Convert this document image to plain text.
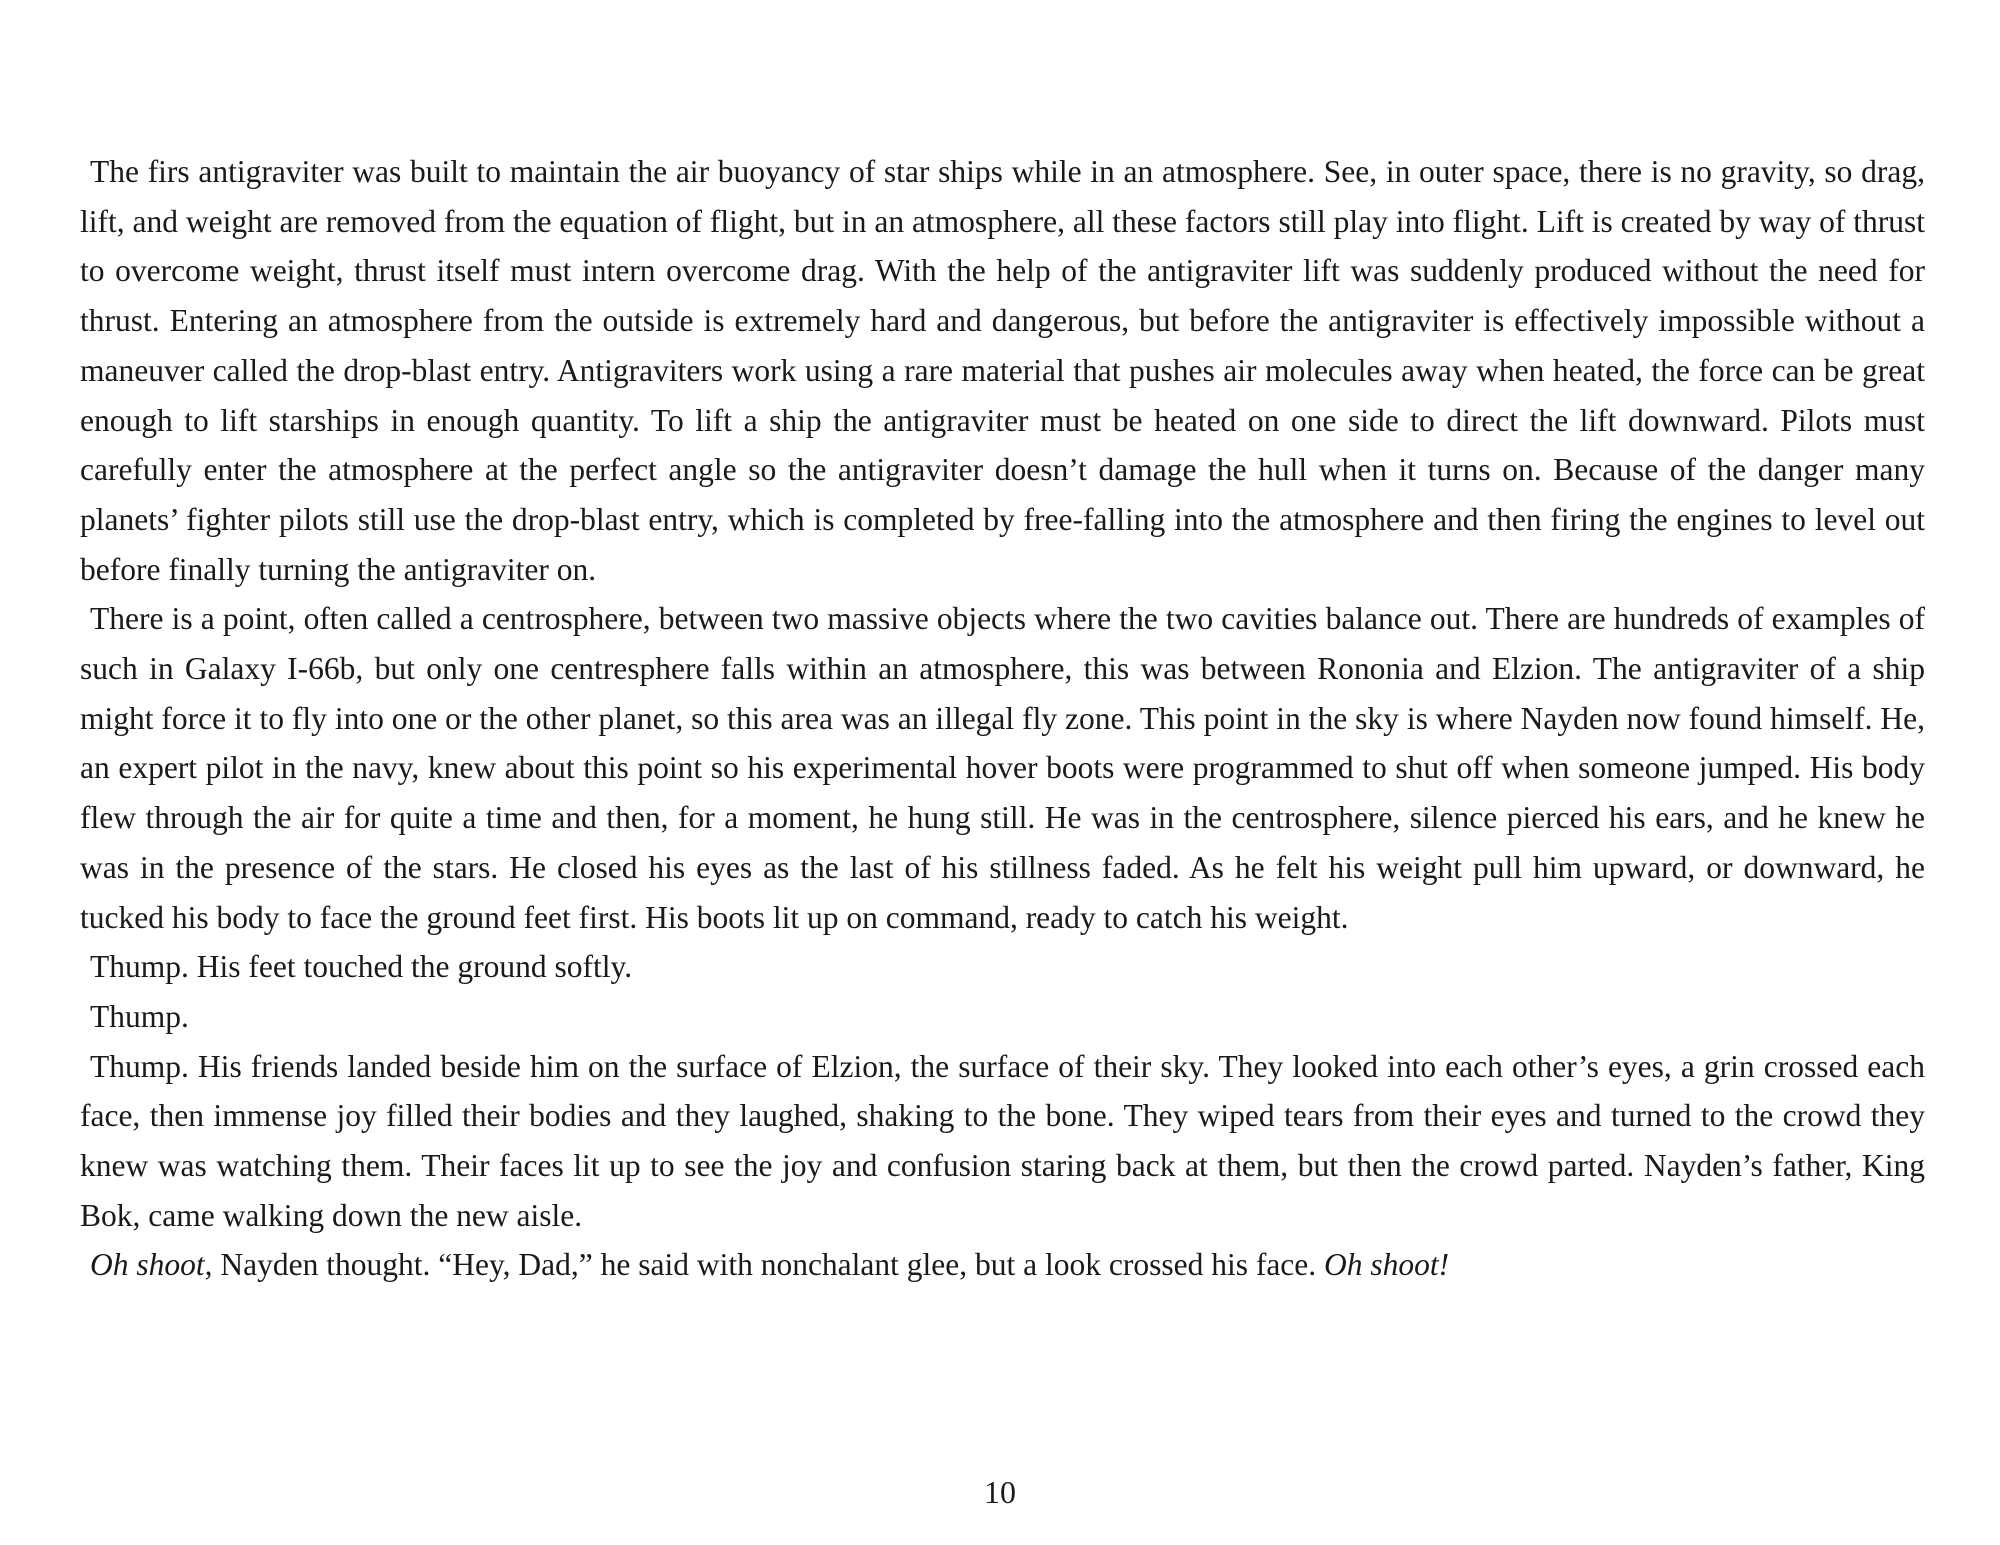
The firs antigraviter was built to maintain the air buoyancy of star ships while in an atmosphere. See, in outer space, there is no gravity, so drag, lift, and weight are removed from the equation of flight, but in an atmosphere, all these factors still play into flight. Lift is created by way of thrust to overcome weight, thrust itself must intern overcome drag. With the help of the antigraviter lift was suddenly produced without the need for thrust. Entering an atmosphere from the outside is extremely hard and dangerous, but before the antigraviter is effectively impossible without a maneuver called the drop-blast entry. Antigraviters work using a rare material that pushes air molecules away when heated, the force can be great enough to lift starships in enough quantity. To lift a ship the antigraviter must be heated on one side to direct the lift downward. Pilots must carefully enter the atmosphere at the perfect angle so the antigraviter doesn’t damage the hull when it turns on. Because of the danger many planets’ fighter pilots still use the drop-blast entry, which is completed by free-falling into the atmosphere and then firing the engines to level out before finally turning the antigraviter on.

There is a point, often called a centrosphere, between two massive objects where the two cavities balance out. There are hundreds of examples of such in Galaxy I-66b, but only one centresphere falls within an atmosphere, this was between Rononia and Elzion. The antigraviter of a ship might force it to fly into one or the other planet, so this area was an illegal fly zone. This point in the sky is where Nayden now found himself. He, an expert pilot in the navy, knew about this point so his experimental hover boots were programmed to shut off when someone jumped. His body flew through the air for quite a time and then, for a moment, he hung still. He was in the centrosphere, silence pierced his ears, and he knew he was in the presence of the stars. He closed his eyes as the last of his stillness faded. As he felt his weight pull him upward, or downward, he tucked his body to face the ground feet first. His boots lit up on command, ready to catch his weight.

Thump. His feet touched the ground softly.

Thump.

Thump. His friends landed beside him on the surface of Elzion, the surface of their sky. They looked into each other’s eyes, a grin crossed each face, then immense joy filled their bodies and they laughed, shaking to the bone. They wiped tears from their eyes and turned to the crowd they knew was watching them. Their faces lit up to see the joy and confusion staring back at them, but then the crowd parted. Nayden’s father, King Bok, came walking down the new aisle.

Oh shoot, Nayden thought. “Hey, Dad,” he said with nonchalant glee, but a look crossed his face. Oh shoot!

10
